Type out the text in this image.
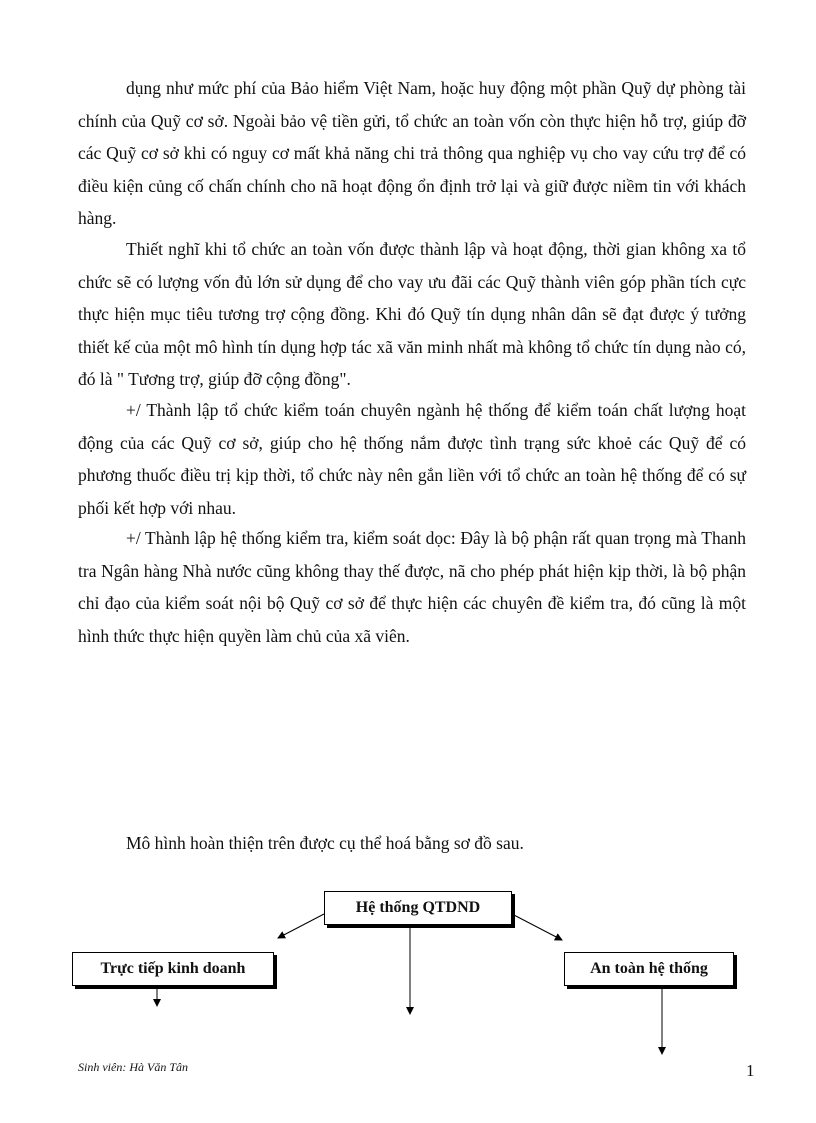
dụng như mức phí của Bảo hiểm Việt Nam, hoặc huy động một phần Quỹ dự phòng tài chính của Quỹ cơ sở. Ngoài bảo vệ tiền gửi, tổ chức an toàn vốn còn thực hiện hỗ trợ, giúp đỡ các Quỹ cơ sở khi có nguy cơ mất khả năng chi trả thông qua nghiệp vụ cho vay cứu trợ để có điều kiện củng cố chấn chính cho nã hoạt động ổn định trở lại và giữ được niềm tin với khách hàng.

Thiết nghĩ khi tổ chức an toàn vốn được thành lập và hoạt động, thời gian không xa tổ chức sẽ có lượng vốn đủ lớn sử dụng để cho vay ưu đãi các Quỹ thành viên góp phần tích cực thực hiện mục tiêu tương trợ cộng đồng. Khi đó Quỹ tín dụng nhân dân sẽ đạt được ý tưởng thiết kế của một mô hình tín dụng hợp tác xã văn minh nhất mà không tổ chức tín dụng nào có, đó là " Tương trợ, giúp đỡ cộng đồng".

+/ Thành lập tổ chức kiểm toán chuyên ngành hệ thống để kiểm toán chất lượng hoạt động của các Quỹ cơ sở, giúp cho hệ thống nắm được tình trạng sức khoẻ các Quỹ để có phương thuốc điều trị kịp thời, tổ chức này nên gắn liền với tổ chức an toàn hệ thống để có sự phối kết hợp với nhau.

+/ Thành lập hệ thống kiểm tra, kiểm soát dọc: Đây là bộ phận rất quan trọng mà Thanh tra Ngân hàng Nhà nước cũng không thay thế được, nã cho phép phát hiện kịp thời, là bộ phận chỉ đạo của kiểm soát nội bộ Quỹ cơ sở để thực hiện các chuyên đề kiểm tra, đó cũng là một hình thức thực hiện quyền làm chủ của xã viên.

Mô hình hoàn thiện trên được cụ thể hoá bằng sơ đồ sau.

Hệ thống QTDND
Trực tiếp kinh doanh	An toàn hệ thống
Sinh viên: Hà Văn Tân	1
